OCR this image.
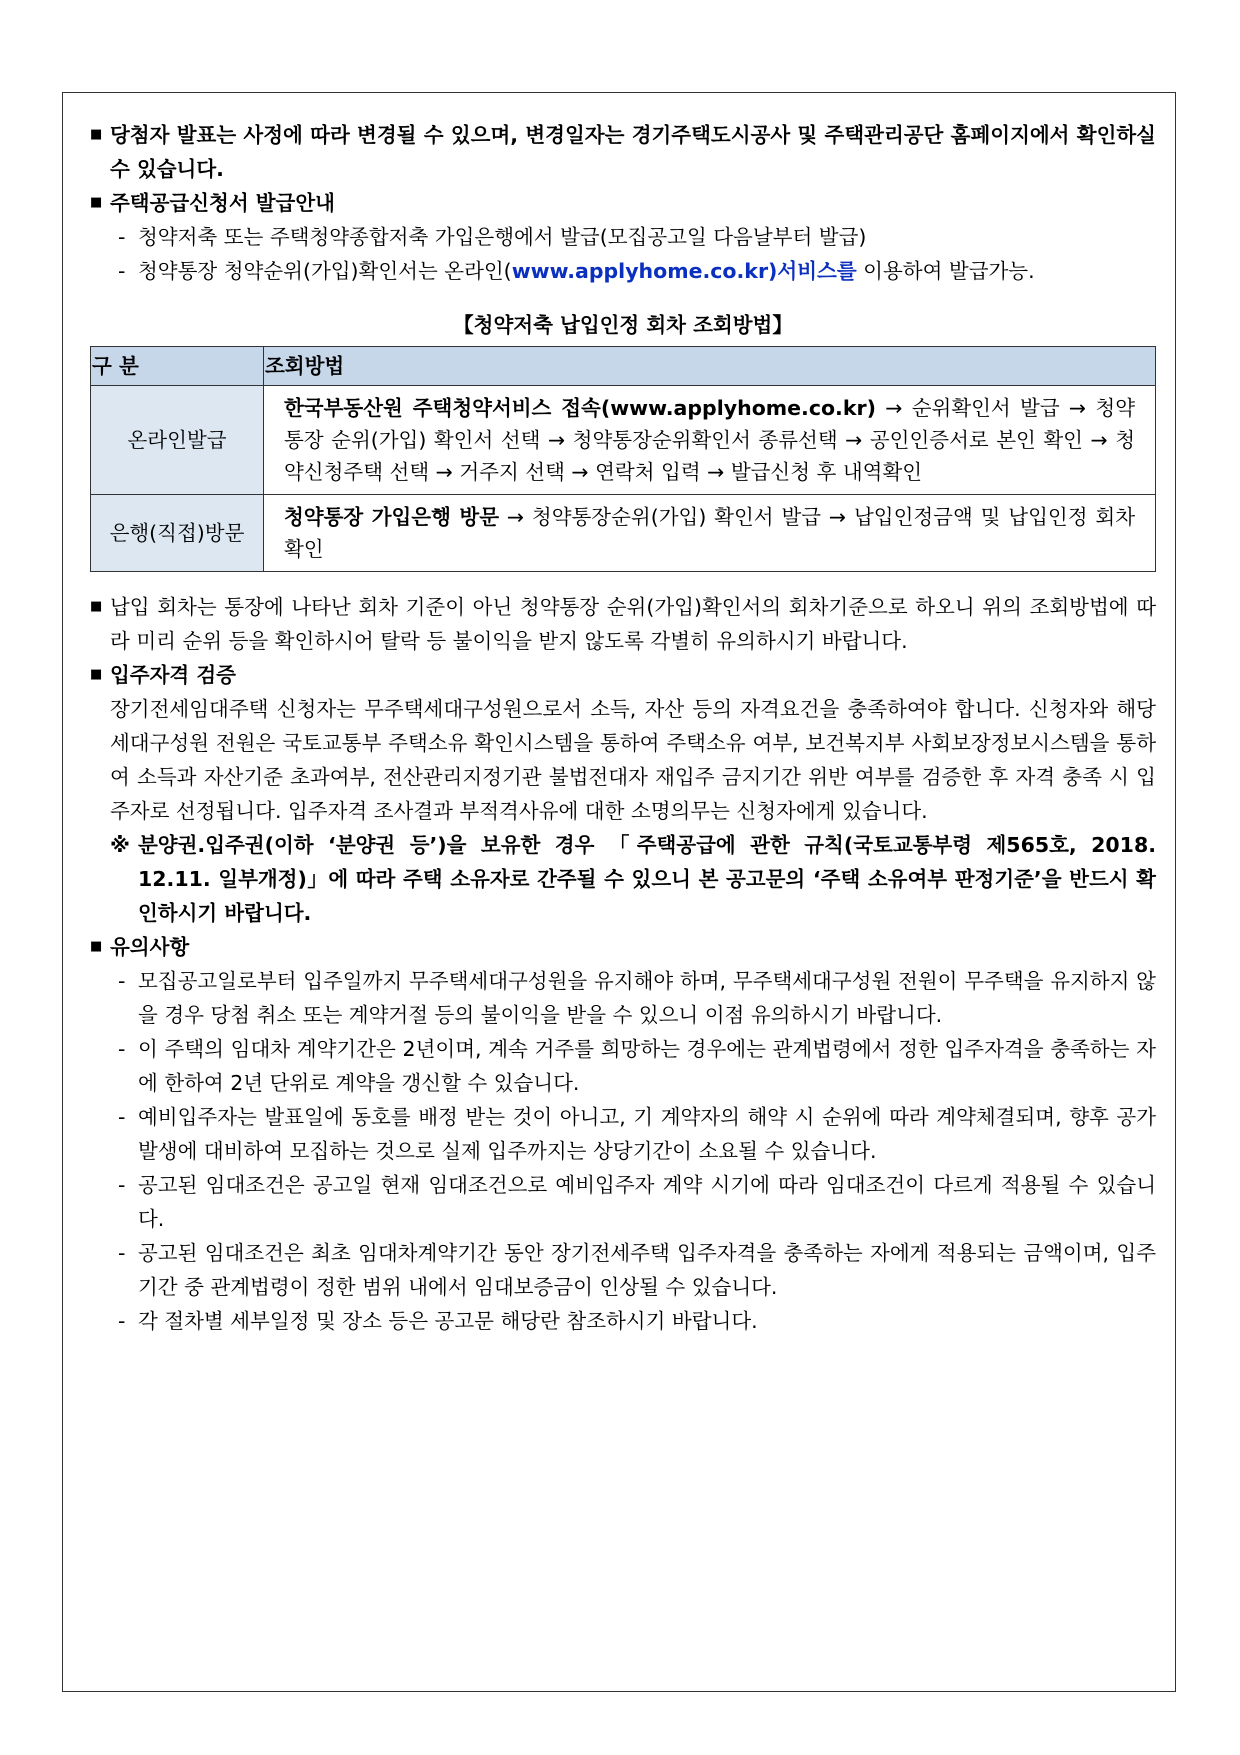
■ 당첨자 발표는 사정에 따라 변경될 수 있으며, 변경일자는 경기주택도시공사 및 주택관리공단 홈페이지에서 확인하실 수 있습니다.
■ 주택공급신청서 발급안내
- 청약저축 또는 주택청약종합저축 가입은행에서 발급(모집공고일 다음날부터 발급)
- 청약통장 청약순위(가입)확인서는 온라인(www.applyhome.co.kr)서비스를 이용하여 발급가능.
【청약저축 납입인정 회차 조회방법】
구 분	조회방법
온라인발급	한국부동산원 주택청약서비스 접속(www.applyhome.co.kr) → 순위확인서 발급 → 청약통장 순위(가입) 확인서 선택 → 청약통장순위확인서 종류선택 → 공인인증서로 본인 확인 → 청약신청주택 선택 → 거주지 선택 → 연락처 입력 → 발급신청 후 내역확인
은행(직접)방문	청약통장 가입은행 방문 → 청약통장순위(가입) 확인서 발급 → 납입인정금액 및 납입인정 회차 확인
■ 납입 회차는 통장에 나타난 회차 기준이 아닌 청약통장 순위(가입)확인서의 회차기준으로 하오니 위의 조회방법에 따라 미리 순위 등을 확인하시어 탈락 등 불이익을 받지 않도록 각별히 유의하시기 바랍니다.
■ 입주자격 검증
장기전세임대주택 신청자는 무주택세대구성원으로서 소득, 자산 등의 자격요건을 충족하여야 합니다. 신청자와 해당 세대구성원 전원은 국토교통부 주택소유 확인시스템을 통하여 주택소유 여부, 보건복지부 사회보장정보시스템을 통하여 소득과 자산기준 초과여부, 전산관리지정기관 불법전대자 재입주 금지기간 위반 여부를 검증한 후 자격 충족 시 입주자로 선정됩니다. 입주자격 조사결과 부적격사유에 대한 소명의무는 신청자에게 있습니다.
※ 분양권.입주권(이하 ‘분양권 등’)을 보유한 경우 「주택공급에 관한 규칙(국토교통부령 제565호, 2018. 12.11. 일부개정)」에 따라 주택 소유자로 간주될 수 있으니 본 공고문의 ‘주택 소유여부 판정기준’을 반드시 확인하시기 바랍니다.
■ 유의사항
- 모집공고일로부터 입주일까지 무주택세대구성원을 유지해야 하며, 무주택세대구성원 전원이 무주택을 유지하지 않을 경우 당첨 취소 또는 계약거절 등의 불이익을 받을 수 있으니 이점 유의하시기 바랍니다.
- 이 주택의 임대차 계약기간은 2년이며, 계속 거주를 희망하는 경우에는 관계법령에서 정한 입주자격을 충족하는 자에 한하여 2년 단위로 계약을 갱신할 수 있습니다.
- 예비입주자는 발표일에 동호를 배정 받는 것이 아니고, 기 계약자의 해약 시 순위에 따라 계약체결되며, 향후 공가발생에 대비하여 모집하는 것으로 실제 입주까지는 상당기간이 소요될 수 있습니다.
- 공고된 임대조건은 공고일 현재 임대조건으로 예비입주자 계약 시기에 따라 임대조건이 다르게 적용될 수 있습니다.
- 공고된 임대조건은 최초 임대차계약기간 동안 장기전세주택 입주자격을 충족하는 자에게 적용되는 금액이며, 입주기간 중 관계법령이 정한 범위 내에서 임대보증금이 인상될 수 있습니다.
- 각 절차별 세부일정 및 장소 등은 공고문 해당란 참조하시기 바랍니다.
